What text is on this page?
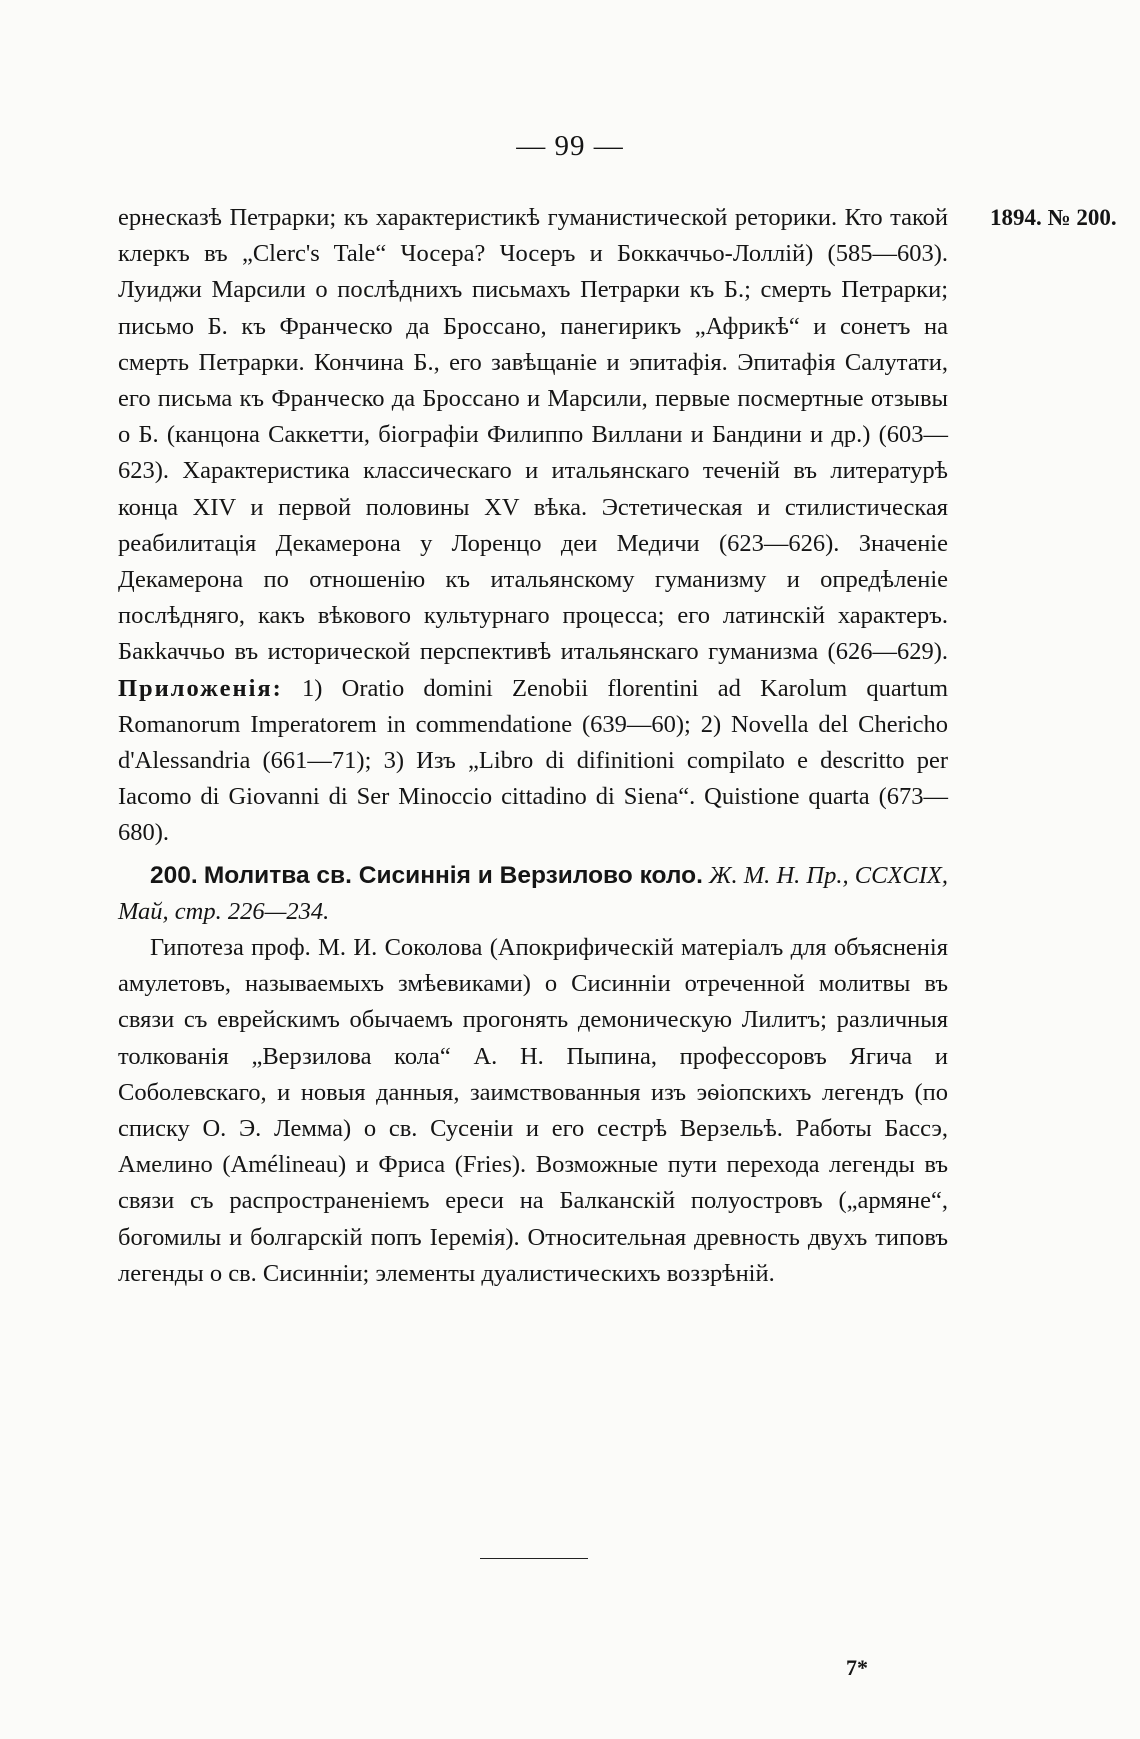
— 99 —
1894. № 200.

ернесказѣ Петрарки; къ характеристикѣ гуманистической реторики. Кто такой клеркъ въ „Clerc's Tale“ Чосера? Чосеръ и Боккаччьо-Лоллій) (585—603). Луиджи Марсили о послѣднихъ письмахъ Петрарки къ Б.; смерть Петрарки; письмо Б. къ Франческо да Броссано, панегирикъ „Африкѣ“ и сонетъ на смерть Петрарки. Кончина Б., его завѣщаніе и эпитафія. Эпитафія Салутати, его письма къ Франческо да Броссано и Марсили, первые посмертные отзывы о Б. (канцона Саккетти, біографіи Филиппо Виллани и Бандини и др.) (603—623). Характеристика классическаго и итальянскаго теченій въ литературѣ конца XIV и первой половины XV вѣка. Эстетическая и стилистическая реабилитація Декамерона у Лоренцо деи Медичи (623—626). Значеніе Декамерона по отношенію къ итальянскому гуманизму и опредѣленіе послѣдняго, какъ вѣкового культурнаго процесса; его латинскій характеръ. Бакkаччьо въ исторической перспективѣ итальянскаго гуманизма (626—629). Приложенія: 1) Oratio domini Zenobii florentini ad Karolum quartum Romanorum Imperatorem in commendatione (639—60); 2) Novella del Chericho d'Alessandria (661—71); 3) Изъ „Libro di difinitioni compilato e descritto per Iacomo di Giovanni di Ser Minoccio cittadino di Siena“. Quistione quarta (673—680).

200. Молитва св. Сисиннія и Верзилово коло. Ж. М. Н. Пр., CCXCIX, Май, стр. 226—234.

Гипотеза проф. М. И. Соколова (Апокрифическій матеріалъ для объясненія амулетовъ, называемыхъ змѣевиками) о Сисинніи отреченной молитвы въ связи съ еврейскимъ обычаемъ прогонять демоническую Лилитъ; различныя толкованія „Верзилова кола“ А. Н. Пыпина, профессоровъ Ягича и Соболевскаго, и новыя данныя, заимствованныя изъ эѳіопскихъ легендъ (по списку О. Э. Лемма) о св. Сусеніи и его сестрѣ Верзельѣ. Работы Бассэ, Амелино (Amélineau) и Фриса (Fries). Возможные пути перехода легенды въ связи съ распространеніемъ ереси на Балканскій полуостровъ („армяне“, богомилы и болгарскій попъ Іеремія). Относительная древность двухъ типовъ легенды о св. Сисинніи; элементы дуалистическихъ воззрѣній.

7*
